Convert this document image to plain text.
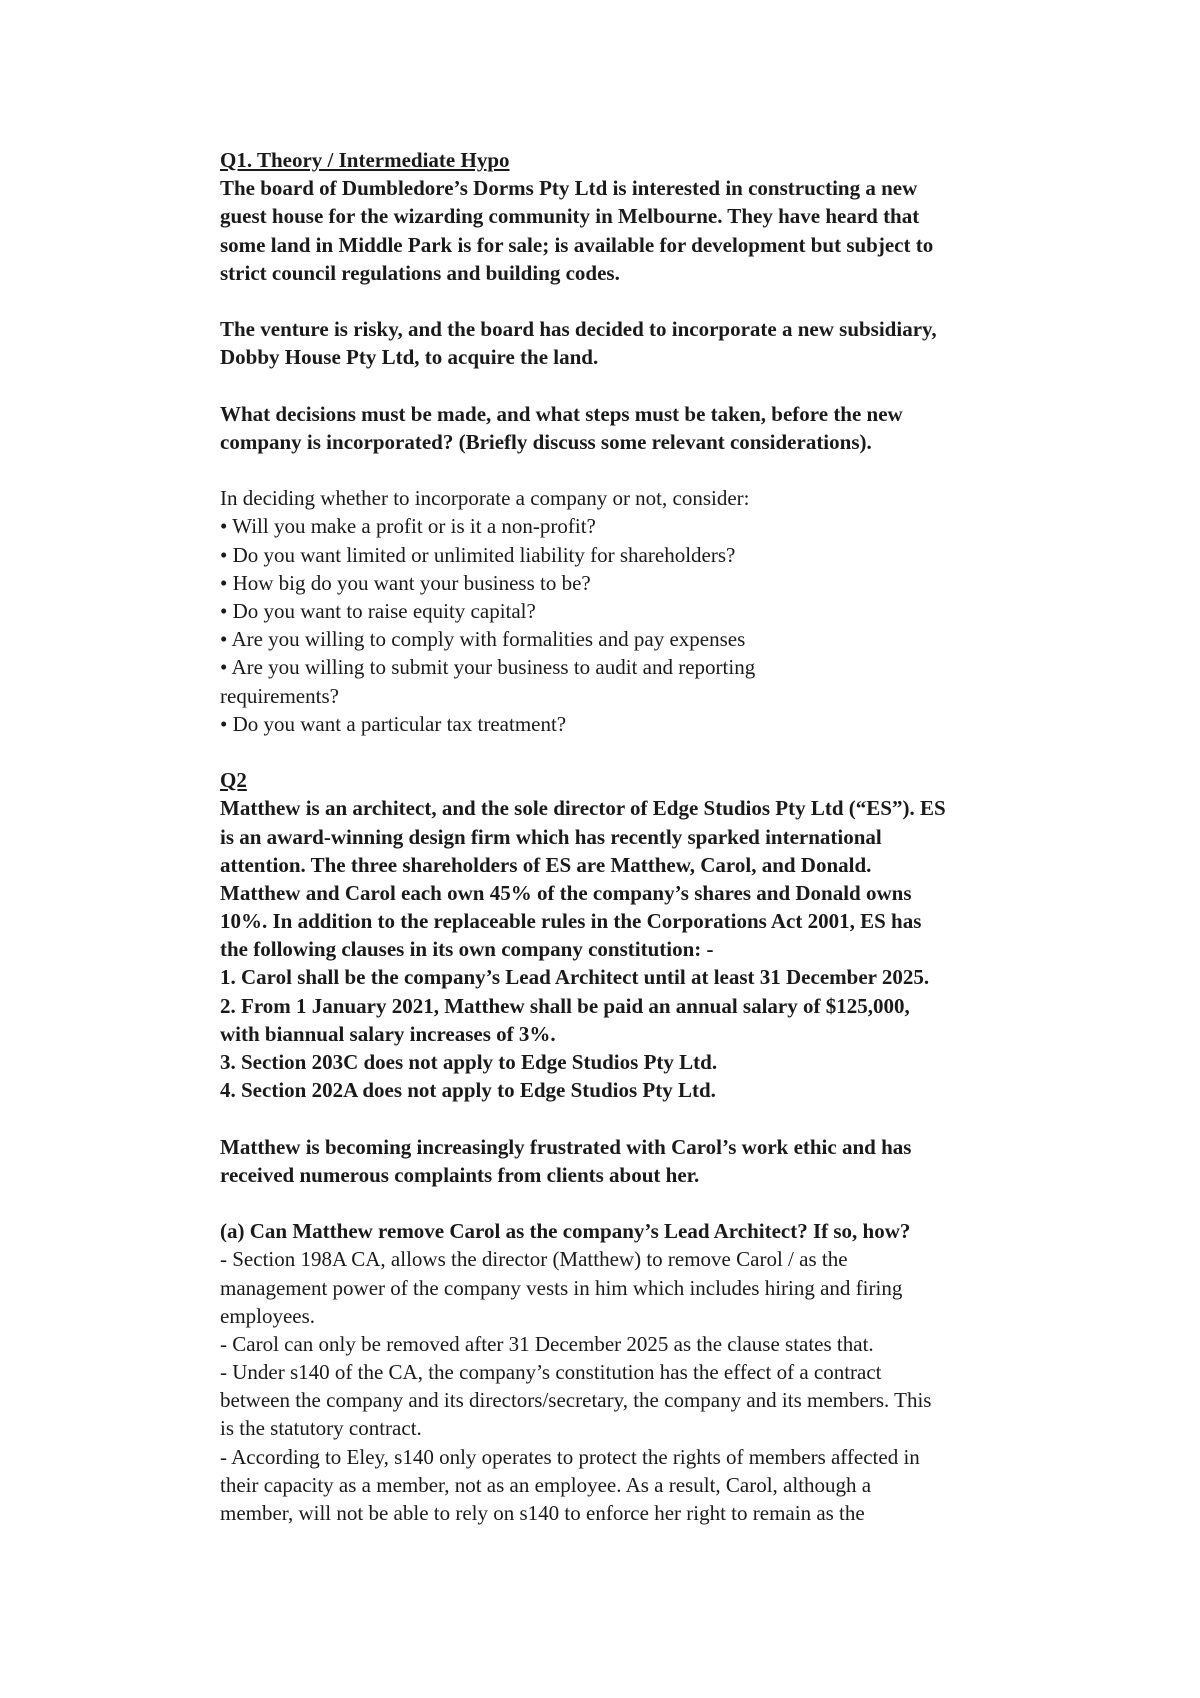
Q1. Theory / Intermediate Hypo
The board of Dumbledore’s Dorms Pty Ltd is interested in constructing a new
guest house for the wizarding community in Melbourne. They have heard that
some land in Middle Park is for sale; is available for development but subject to
strict council regulations and building codes.
The venture is risky, and the board has decided to incorporate a new subsidiary,
Dobby House Pty Ltd, to acquire the land.
What decisions must be made, and what steps must be taken, before the new
company is incorporated? (Briefly discuss some relevant considerations).
In deciding whether to incorporate a company or not, consider:
• Will you make a profit or is it a non-profit?
• Do you want limited or unlimited liability for shareholders?
• How big do you want your business to be?
• Do you want to raise equity capital?
• Are you willing to comply with formalities and pay expenses
• Are you willing to submit your business to audit and reporting
requirements?
• Do you want a particular tax treatment?
Q2
Matthew is an architect, and the sole director of Edge Studios Pty Ltd (“ES”). ES
is an award-winning design firm which has recently sparked international
attention. The three shareholders of ES are Matthew, Carol, and Donald.
Matthew and Carol each own 45% of the company’s shares and Donald owns
10%. In addition to the replaceable rules in the Corporations Act 2001, ES has
the following clauses in its own company constitution: -
1. Carol shall be the company’s Lead Architect until at least 31 December 2025.
2. From 1 January 2021, Matthew shall be paid an annual salary of $125,000,
with biannual salary increases of 3%.
3. Section 203C does not apply to Edge Studios Pty Ltd.
4. Section 202A does not apply to Edge Studios Pty Ltd.
Matthew is becoming increasingly frustrated with Carol’s work ethic and has
received numerous complaints from clients about her.
(a) Can Matthew remove Carol as the company’s Lead Architect? If so, how?
- Section 198A CA, allows the director (Matthew) to remove Carol / as the
management power of the company vests in him which includes hiring and firing
employees.
- Carol can only be removed after 31 December 2025 as the clause states that.
- Under s140 of the CA, the company’s constitution has the effect of a contract
between the company and its directors/secretary, the company and its members. This
is the statutory contract.
- According to Eley, s140 only operates to protect the rights of members affected in
their capacity as a member, not as an employee. As a result, Carol, although a
member, will not be able to rely on s140 to enforce her right to remain as the
